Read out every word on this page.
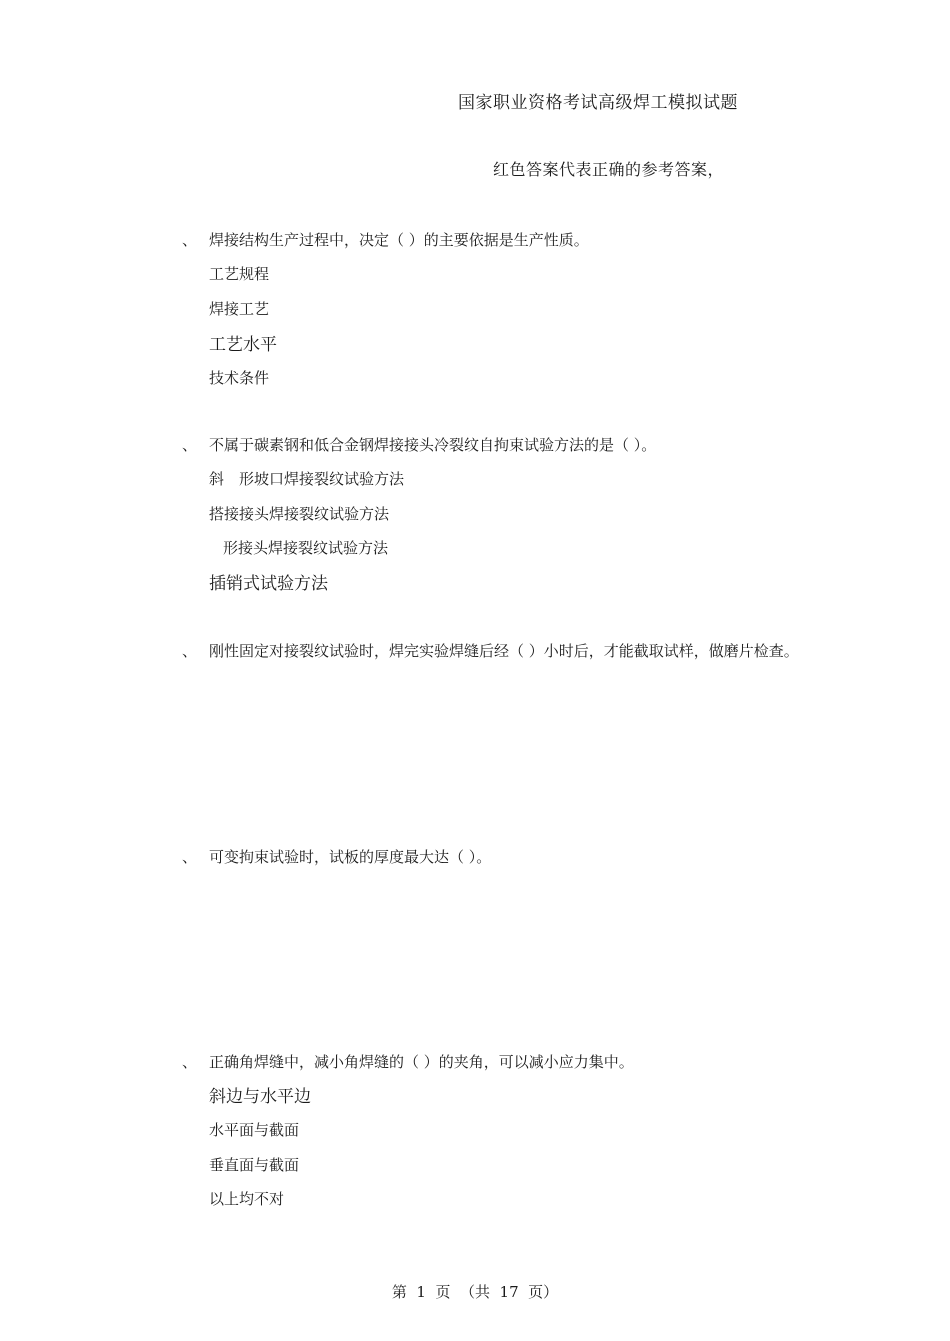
国家职业资格考试高级焊工模拟试题
红色答案代表正确的参考答案，
、 焊接结构生产过程中，决定（ ）的主要依据是生产性质。
工艺规程
焊接工艺
工艺水平
技术条件
、 不属于碳素钢和低合金钢焊接接头冷裂纹自拘束试验方法的是（ ）。
斜　形坡口焊接裂纹试验方法
搭接接头焊接裂纹试验方法
形接头焊接裂纹试验方法
插销式试验方法
、 刚性固定对接裂纹试验时，焊完实验焊缝后经（ ）小时后，才能截取试样，做磨片检查。
、 可变拘束试验时，试板的厚度最大达（ ）。
、 正确角焊缝中，减小角焊缝的（ ）的夹角，可以减小应力集中。
斜边与水平边
水平面与截面
垂直面与截面
以上均不对
第  1  页  （共  17  页）
